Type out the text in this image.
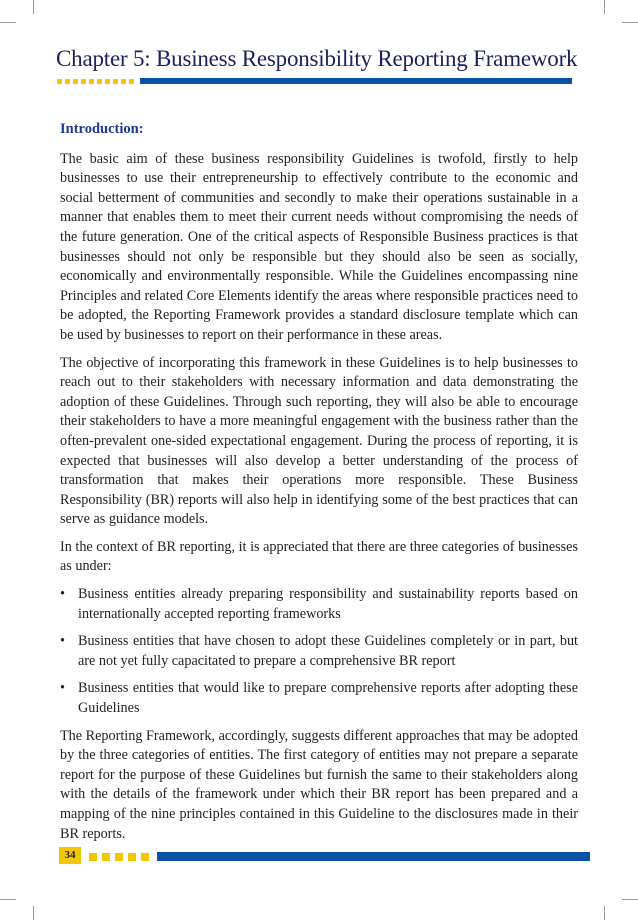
Chapter 5: Business Responsibility Reporting Framework
Introduction:

The basic aim of these business responsibility Guidelines is twofold, firstly to help businesses to use their entrepreneurship to effectively contribute to the economic and social betterment of communities and secondly to make their operations sustainable in a manner that enables them to meet their current needs without compromising the needs of the future generation. One of the critical aspects of Responsible Business practices is that businesses should not only be responsible but they should also be seen as socially, economically and environmentally responsible. While the Guidelines encompassing nine Principles and related Core Elements identify the areas where responsible practices need to be adopted, the Reporting Framework provides a standard disclosure template which can be used by businesses to report on their performance in these areas.

The objective of incorporating this framework in these Guidelines is to help businesses to reach out to their stakeholders with necessary information and data demonstrating the adoption of these Guidelines. Through such reporting, they will also be able to encourage their stakeholders to have a more meaningful engagement with the business rather than the often-prevalent one-sided expectational engagement. During the process of reporting, it is expected that businesses will also develop a better understanding of the process of transformation that makes their operations more responsible. These Business Responsibility (BR) reports will also help in identifying some of the best practices that can serve as guidance models.

In the context of BR reporting, it is appreciated that there are three categories of businesses as under:

• Business entities already preparing responsibility and sustainability reports based on internationally accepted reporting frameworks
• Business entities that have chosen to adopt these Guidelines completely or in part, but are not yet fully capacitated to prepare a comprehensive BR report
• Business entities that would like to prepare comprehensive reports after adopting these Guidelines

The Reporting Framework, accordingly, suggests different approaches that may be adopted by the three categories of entities. The first category of entities may not prepare a separate report for the purpose of these Guidelines but furnish the same to their stakeholders along with the details of the framework under which their BR report has been prepared and a mapping of the nine principles contained in this Guideline to the disclosures made in their BR reports.

34
